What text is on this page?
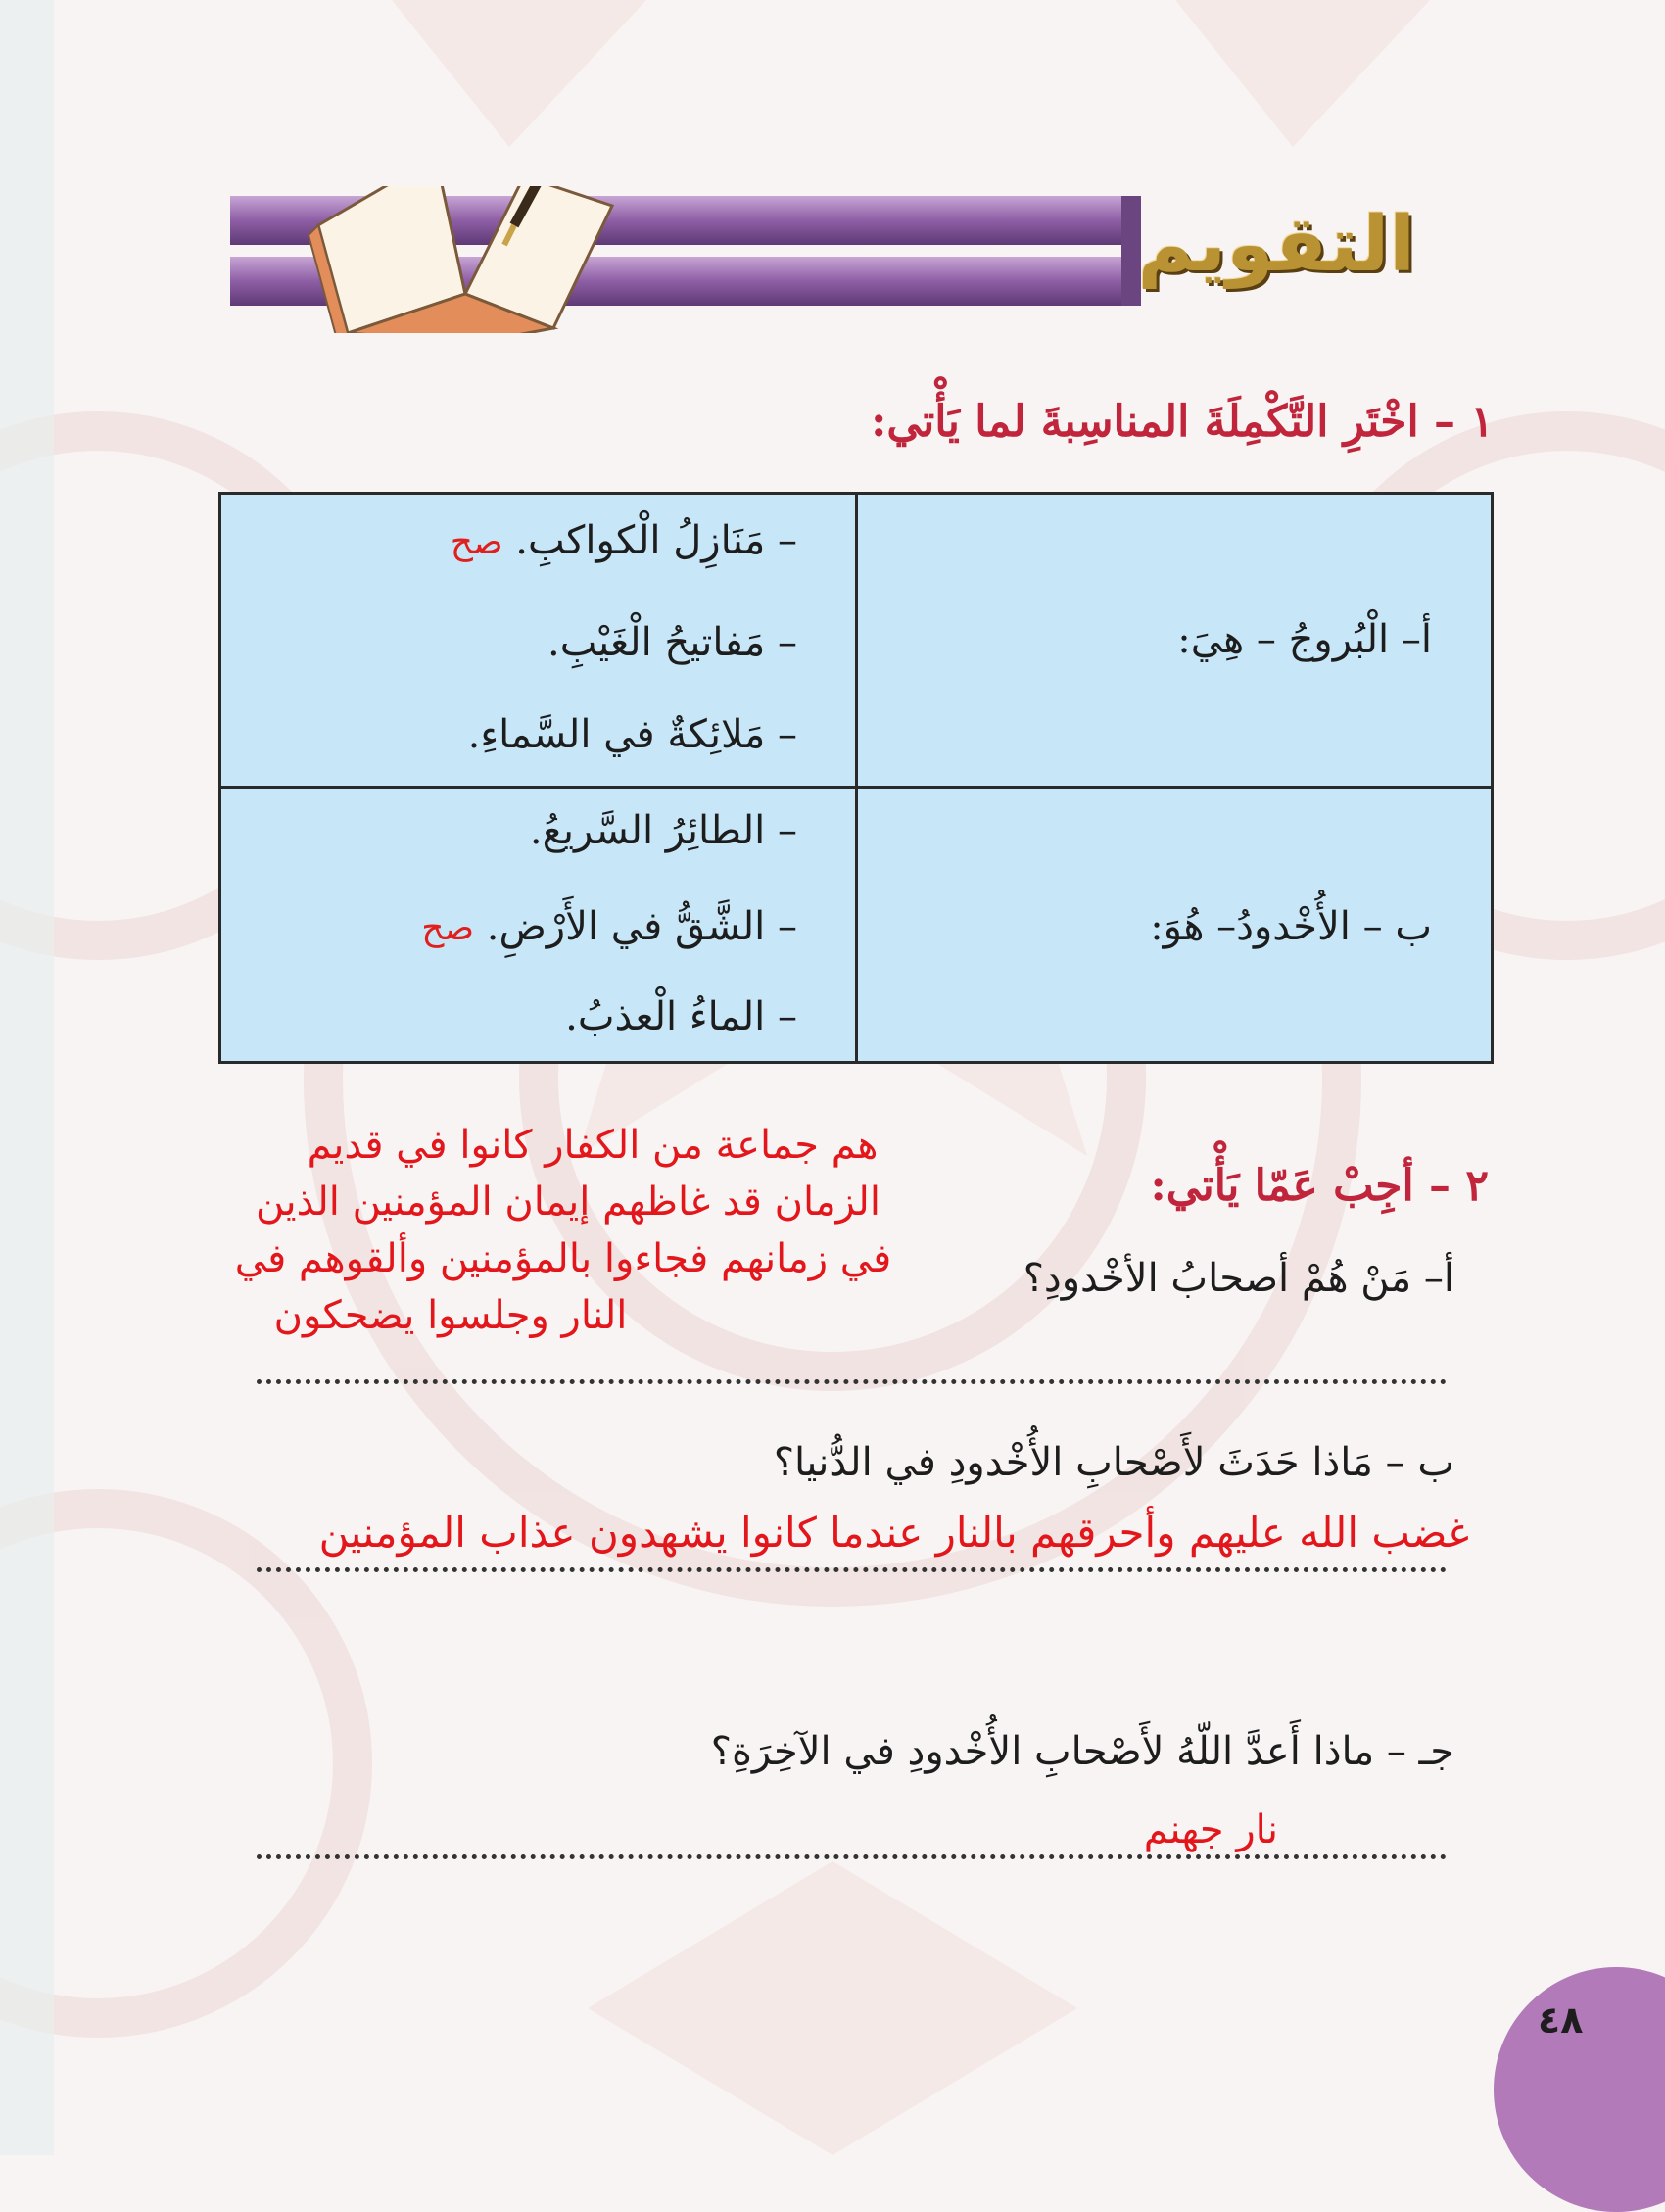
التقويم
١ – اخْتَرِ التَّكْمِلَةَ المناسِبةَ لما يَأْتي:
أ– الْبُروجُ – هِيَ:
– مَنَازِلُ الْكواكبِ. صح
– مَفاتيحُ الْغَيْبِ.
– مَلائِكةٌ في السَّماءِ.
ب – الأُخْدودُ– هُوَ:
– الطائِرُ السَّريعُ.
– الشَّقُّ في الأَرْضِ. صح
– الماءُ الْعذبُ.
٢ – أجِبْ عَمّا يَأْتي:
أ– مَنْ هُمْ أصحابُ الأخْدودِ؟
هم جماعة من الكفار كانوا في قديم
الزمان قد غاظهم إيمان المؤمنين الذين
في زمانهم فجاءوا بالمؤمنين وألقوهم في
النار وجلسوا يضحكون
ب – مَاذا حَدَثَ لأَصْحابِ الأُخْدودِ في الدُّنيا؟
غضب الله عليهم وأحرقهم بالنار عندما كانوا يشهدون عذاب المؤمنين
جـ – ماذا أَعدَّ اللّهُ لأَصْحابِ الأُخْدودِ في الآخِرَةِ؟
نار جهنم
٤٨
